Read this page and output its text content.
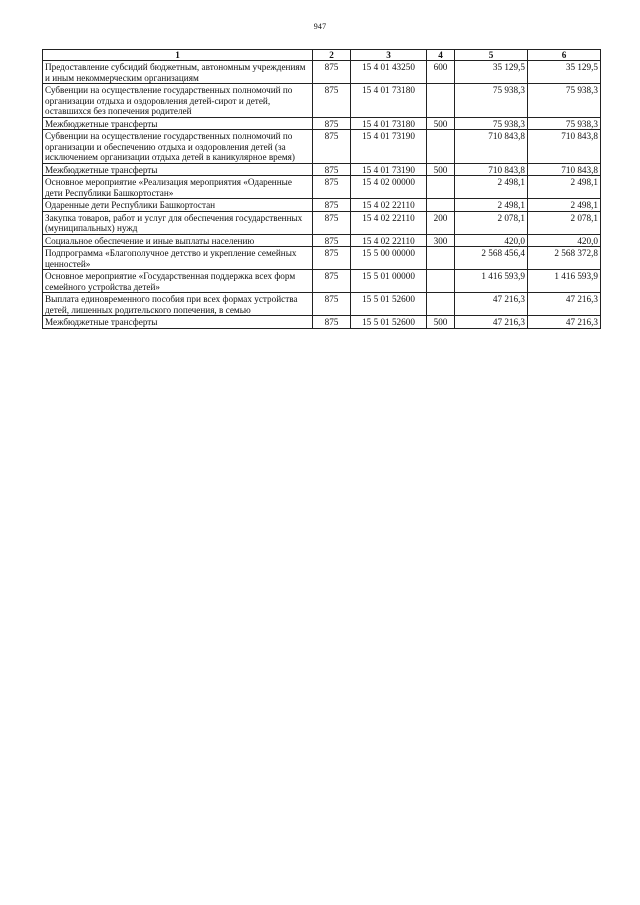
947
1	2	3	4	5	6
Предоставление субсидий бюджетным, автономным учреждениям и иным некоммерческим организациям	875	15 4 01 43250	600	35 129,5	35 129,5
Субвенции на осуществление государственных полномочий по организации отдыха и оздоровления детей-сирот и детей, оставшихся без попечения родителей	875	15 4 01 73180		75 938,3	75 938,3
Межбюджетные трансферты	875	15 4 01 73180	500	75 938,3	75 938,3
Субвенции на осуществление государственных полномочий по организации и обеспечению отдыха и оздоровления детей (за исключением организации отдыха детей в каникулярное время)	875	15 4 01 73190		710 843,8	710 843,8
Межбюджетные трансферты	875	15 4 01 73190	500	710 843,8	710 843,8
Основное мероприятие «Реализация мероприятия «Одаренные дети Республики Башкортостан»	875	15 4 02 00000		2 498,1	2 498,1
Одаренные дети Республики Башкортостан	875	15 4 02 22110		2 498,1	2 498,1
Закупка товаров, работ и услуг для обеспечения государственных (муниципальных) нужд	875	15 4 02 22110	200	2 078,1	2 078,1
Социальное обеспечение и иные выплаты населению	875	15 4 02 22110	300	420,0	420,0
Подпрограмма «Благополучное детство и укрепление семейных ценностей»	875	15 5 00 00000		2 568 456,4	2 568 372,8
Основное мероприятие «Государственная поддержка всех форм семейного устройства детей»	875	15 5 01 00000		1 416 593,9	1 416 593,9
Выплата единовременного пособия при всех формах устройства детей, лишенных родительского попечения, в семью	875	15 5 01 52600		47 216,3	47 216,3
Межбюджетные трансферты	875	15 5 01 52600	500	47 216,3	47 216,3
